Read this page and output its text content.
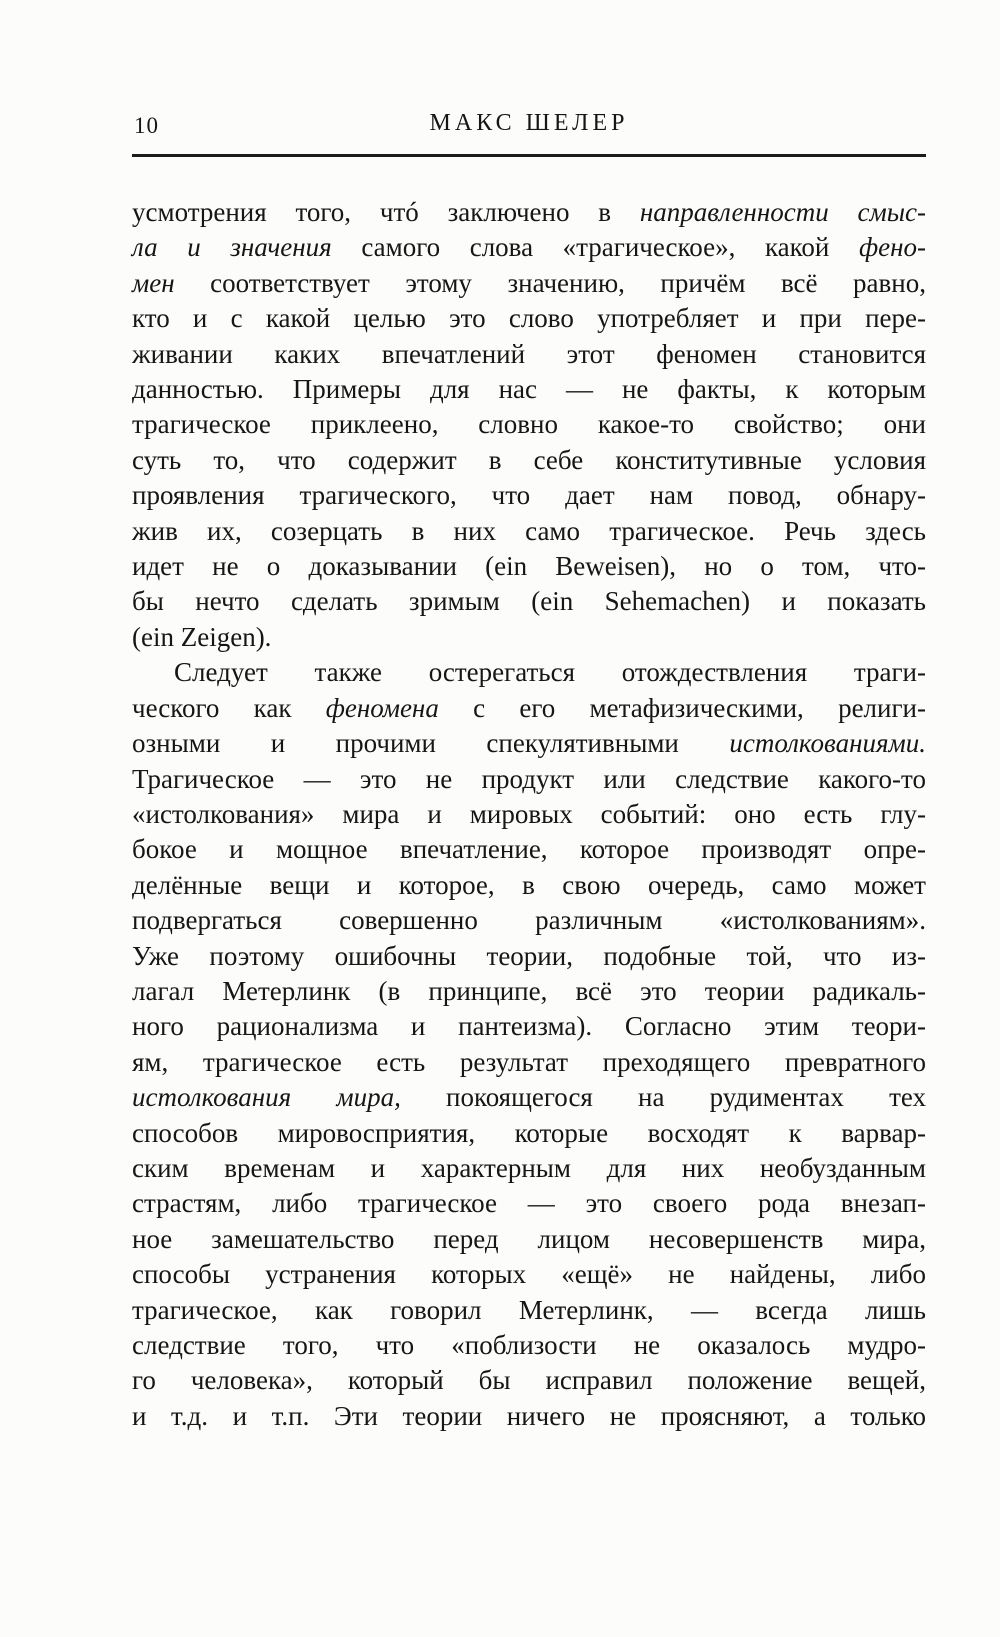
10	МАКС ШЕЛЕР
усмотрения того, чтó заключено в направленности смыс-
ла и значения самого слова «трагическое», какой фено-
мен соответствует этому значению, причём всё равно,
кто и с какой целью это слово употребляет и при пере-
живании каких впечатлений этот феномен становится
данностью. Примеры для нас — не факты, к которым
трагическое приклеено, словно какое-то свойство; они
суть то, что содержит в себе конститутивные условия
проявления трагического, что дает нам повод, обнару-
жив их, созерцать в них само трагическое. Речь здесь
идет не о доказывании (ein Beweisen), но о том, что-
бы нечто сделать зримым (ein Sehemachen) и показать
(ein Zeigen).
Следует также остерегаться отождествления траги-
ческого как феномена с его метафизическими, религи-
озными и прочими спекулятивными истолкованиями.
Трагическое — это не продукт или следствие какого-то
«истолкования» мира и мировых событий: оно есть глу-
бокое и мощное впечатление, которое производят опре-
делённые вещи и которое, в свою очередь, само может
подвергаться совершенно различным «истолкованиям».
Уже поэтому ошибочны теории, подобные той, что из-
лагал Метерлинк (в принципе, всё это теории радикаль-
ного рационализма и пантеизма). Согласно этим теори-
ям, трагическое есть результат преходящего превратного
истолкования мира, покоящегося на рудиментах тех
способов мировосприятия, которые восходят к варвар-
ским временам и характерным для них необузданным
страстям, либо трагическое — это своего рода внезап-
ное замешательство перед лицом несовершенств мира,
способы устранения которых «ещё» не найдены, либо
трагическое, как говорил Метерлинк, — всегда лишь
следствие того, что «поблизости не оказалось мудро-
го человека», который бы исправил положение вещей,
и т.д. и т.п. Эти теории ничего не проясняют, а только
